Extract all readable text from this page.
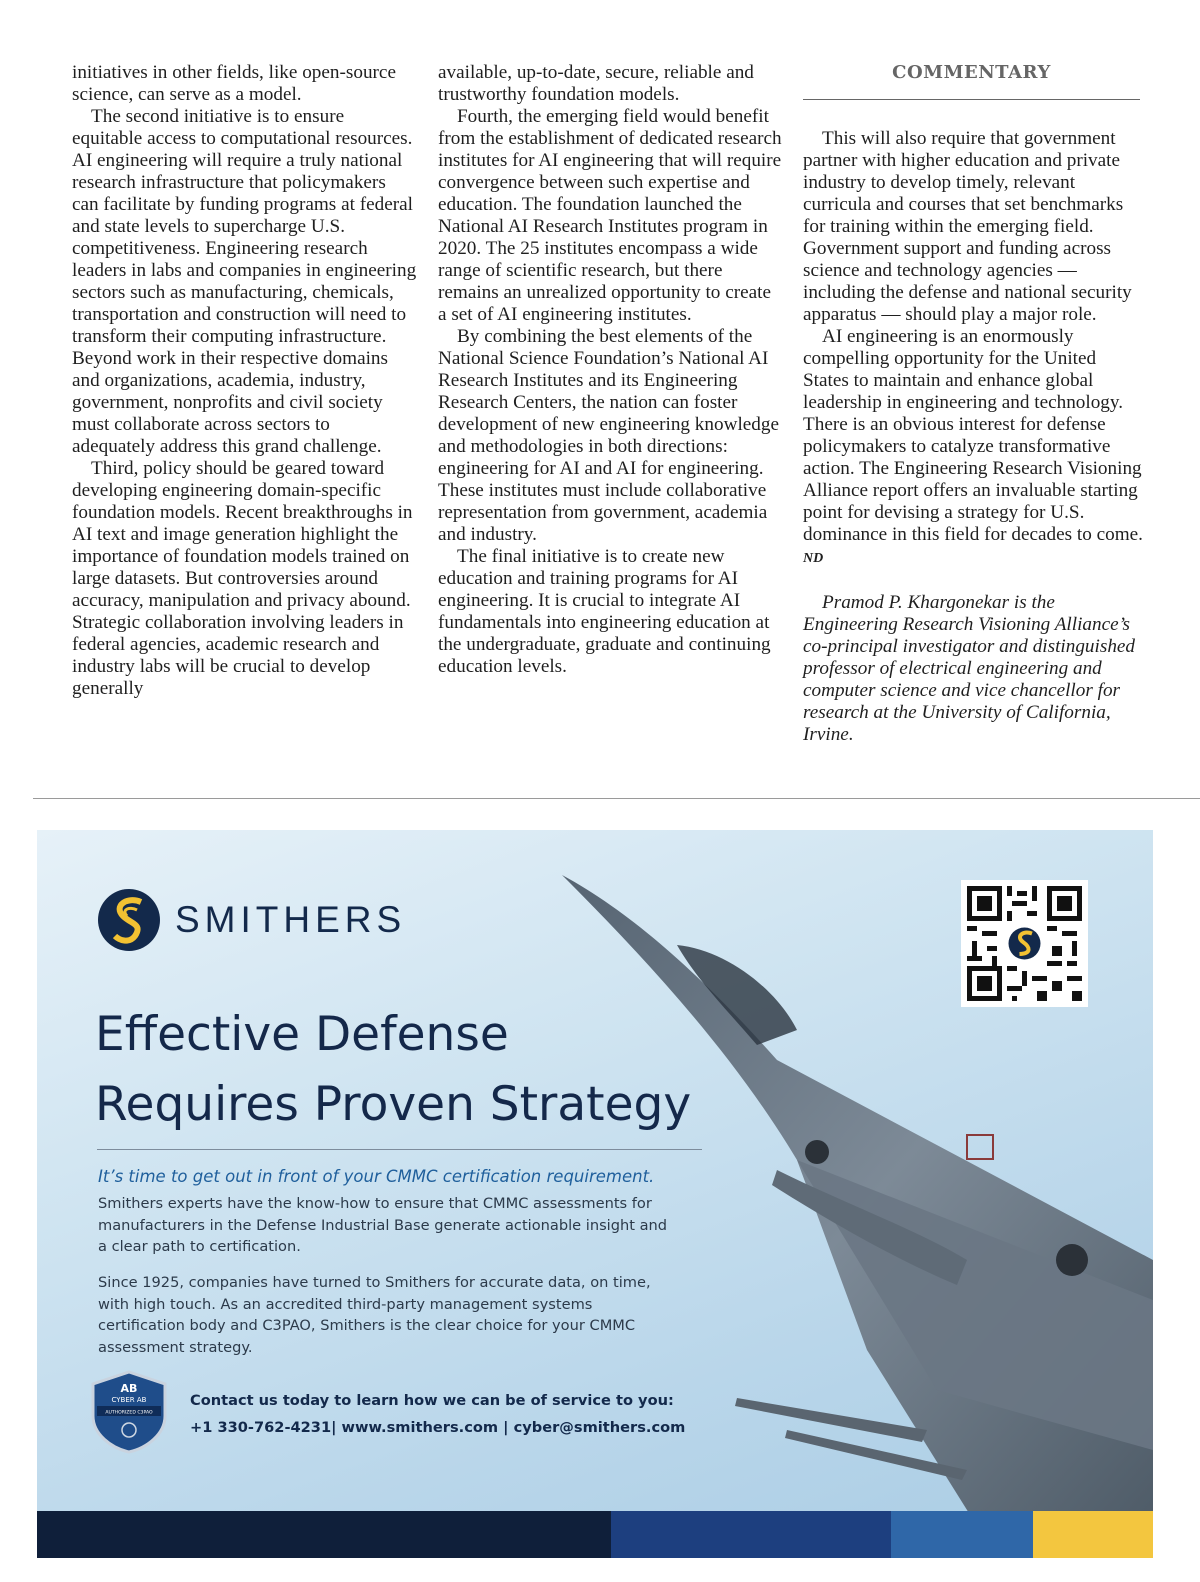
initiatives in other fields, like open-source science, can serve as a model.

The second initiative is to ensure equitable access to computational resources. AI engineering will require a truly national research infrastructure that policymakers can facilitate by funding programs at federal and state levels to supercharge U.S. competitiveness. Engineering research leaders in labs and companies in engineering sectors such as manufacturing, chemicals, transportation and construction will need to transform their computing infrastructure. Beyond work in their respective domains and organizations, academia, industry, government, nonprofits and civil society must collaborate across sectors to adequately address this grand challenge.

Third, policy should be geared toward developing engineering domain-specific foundation models. Recent breakthroughs in AI text and image generation highlight the importance of foundation models trained on large datasets. But controversies around accuracy, manipulation and privacy abound. Strategic collaboration involving leaders in federal agencies, academic research and industry labs will be crucial to develop generally

available, up-to-date, secure, reliable and trustworthy foundation models.

Fourth, the emerging field would benefit from the establishment of dedicated research institutes for AI engineering that will require convergence between such expertise and education. The foundation launched the National AI Research Institutes program in 2020. The 25 institutes encompass a wide range of scientific research, but there remains an unrealized opportunity to create a set of AI engineering institutes.

By combining the best elements of the National Science Foundation’s National AI Research Institutes and its Engineering Research Centers, the nation can foster development of new engineering knowledge and methodologies in both directions: engineering for AI and AI for engineering. These institutes must include collaborative representation from government, academia and industry.

The final initiative is to create new education and training programs for AI engineering. It is crucial to integrate AI fundamentals into engineering education at the undergraduate, graduate and continuing education levels.

COMMENTARY

This will also require that government partner with higher education and private industry to develop timely, relevant curricula and courses that set benchmarks for training within the emerging field. Government support and funding across science and technology agencies — including the defense and national security apparatus — should play a major role.

AI engineering is an enormously compelling opportunity for the United States to maintain and enhance global leadership in engineering and technology. There is an obvious interest for defense policymakers to catalyze transformative action. The Engineering Research Visioning Alliance report offers an invaluable starting point for devising a strategy for U.S. dominance in this field for decades to come. ND

Pramod P. Khargonekar is the Engineering Research Visioning Alliance’s co-principal investigator and distinguished professor of electrical engineering and computer science and vice chancellor for research at the University of California, Irvine.

SMITHERS
Effective Defense
Requires Proven Strategy
It’s time to get out in front of your CMMC certification requirement.

Smithers experts have the know-how to ensure that CMMC assessments for manufacturers in the Defense Industrial Base generate actionable insight and a clear path to certification.

Since 1925, companies have turned to Smithers for accurate data, on time, with high touch. As an accredited third-party management systems certification body and C3PAO, Smithers is the clear choice for your CMMC assessment strategy.

AB
CYBER AB
AUTHORIZED C3PAO
Contact us today to learn how we can be of service to you:
+1 330-762-4231| www.smithers.com | cyber@smithers.com
